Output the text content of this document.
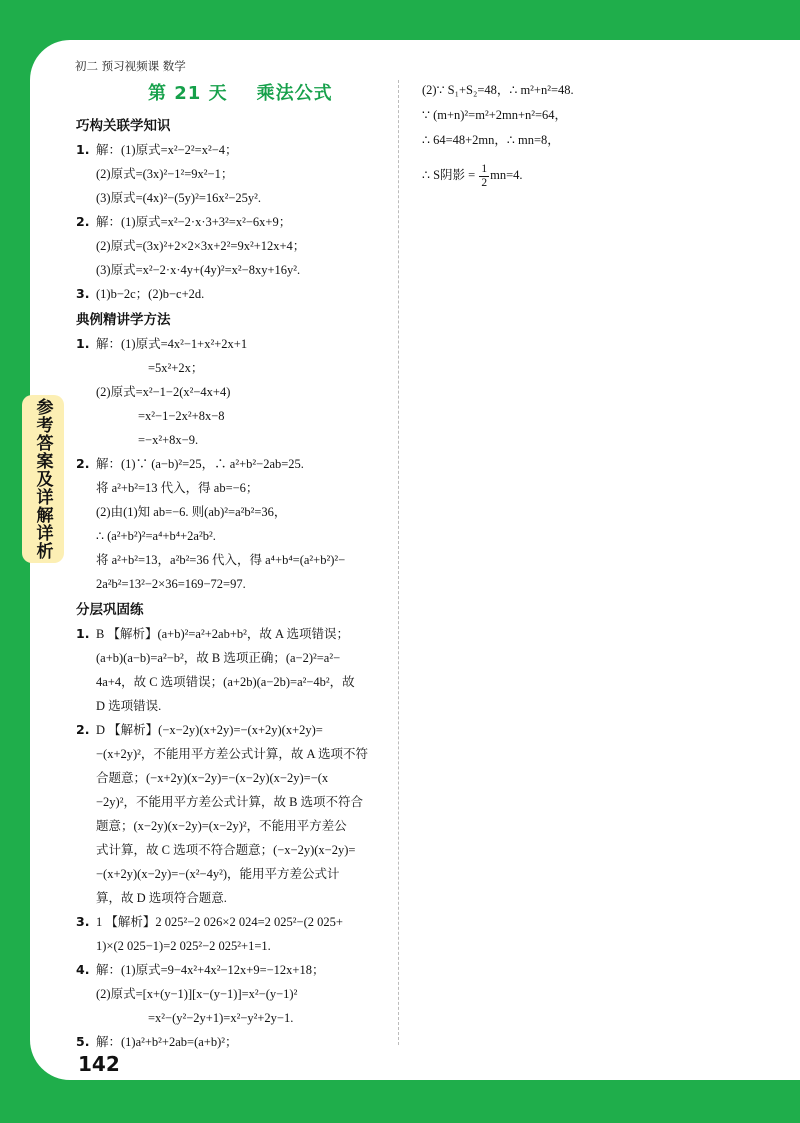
参考答案及详解详析
初二 预习视频课 数学
第 21 天    乘法公式
巧构关联学知识
1. 解：(1)原式=x²−2²=x²−4；
(2)原式=(3x)²−1²=9x²−1；
(3)原式=(4x)²−(5y)²=16x²−25y².
2. 解：(1)原式=x²−2·x·3+3²=x²−6x+9；
(2)原式=(3x)²+2×2×3x+2²=9x²+12x+4；
(3)原式=x²−2·x·4y+(4y)²=x²−8xy+16y².
3. (1)b−2c；(2)b−c+2d.
典例精讲学方法
1. 解：(1)原式=4x²−1+x²+2x+1
=5x²+2x；
(2)原式=x²−1−2(x²−4x+4)
=x²−1−2x²+8x−8
=−x²+8x−9.
2. 解：(1)∵ (a−b)²=25，∴ a²+b²−2ab=25.
将 a²+b²=13 代入，得 ab=−6；
(2)由(1)知 ab=−6. 则(ab)²=a²b²=36，
∴ (a²+b²)²=a⁴+b⁴+2a²b².
将 a²+b²=13，a²b²=36 代入，得 a⁴+b⁴=(a²+b²)²−
2a²b²=13²−2×36=169−72=97.
分层巩固练
1. B 【解析】(a+b)²=a²+2ab+b²，故 A 选项错误；
(a+b)(a−b)=a²−b²，故 B 选项正确；(a−2)²=a²−
4a+4，故 C 选项错误；(a+2b)(a−2b)=a²−4b²，故
D 选项错误.
2. D 【解析】(−x−2y)(x+2y)=−(x+2y)(x+2y)=
−(x+2y)²，不能用平方差公式计算，故 A 选项不符
合题意；(−x+2y)(x−2y)=−(x−2y)(x−2y)=−(x
−2y)²，不能用平方差公式计算，故 B 选项不符合
题意；(x−2y)(x−2y)=(x−2y)²，不能用平方差公
式计算，故 C 选项不符合题意；(−x−2y)(x−2y)=
−(x+2y)(x−2y)=−(x²−4y²)，能用平方差公式计
算，故 D 选项符合题意.
3. 1 【解析】2 025²−2 026×2 024=2 025²−(2 025+
1)×(2 025−1)=2 025²−2 025²+1=1.
4. 解：(1)原式=9−4x²+4x²−12x+9=−12x+18；
(2)原式=[x+(y−1)][x−(y−1)]=x²−(y−1)²
=x²−(y²−2y+1)=x²−y²+2y−1.
5. 解：(1)a²+b²+2ab=(a+b)²；
(2)∵ S₁+S₂=48，∴ m²+n²=48.
∵ (m+n)²=m²+2mn+n²=64，
∴ 64=48+2mn，∴ mn=8，
∴ S阴影 = $\frac{1}{2} mn=4$.
142
